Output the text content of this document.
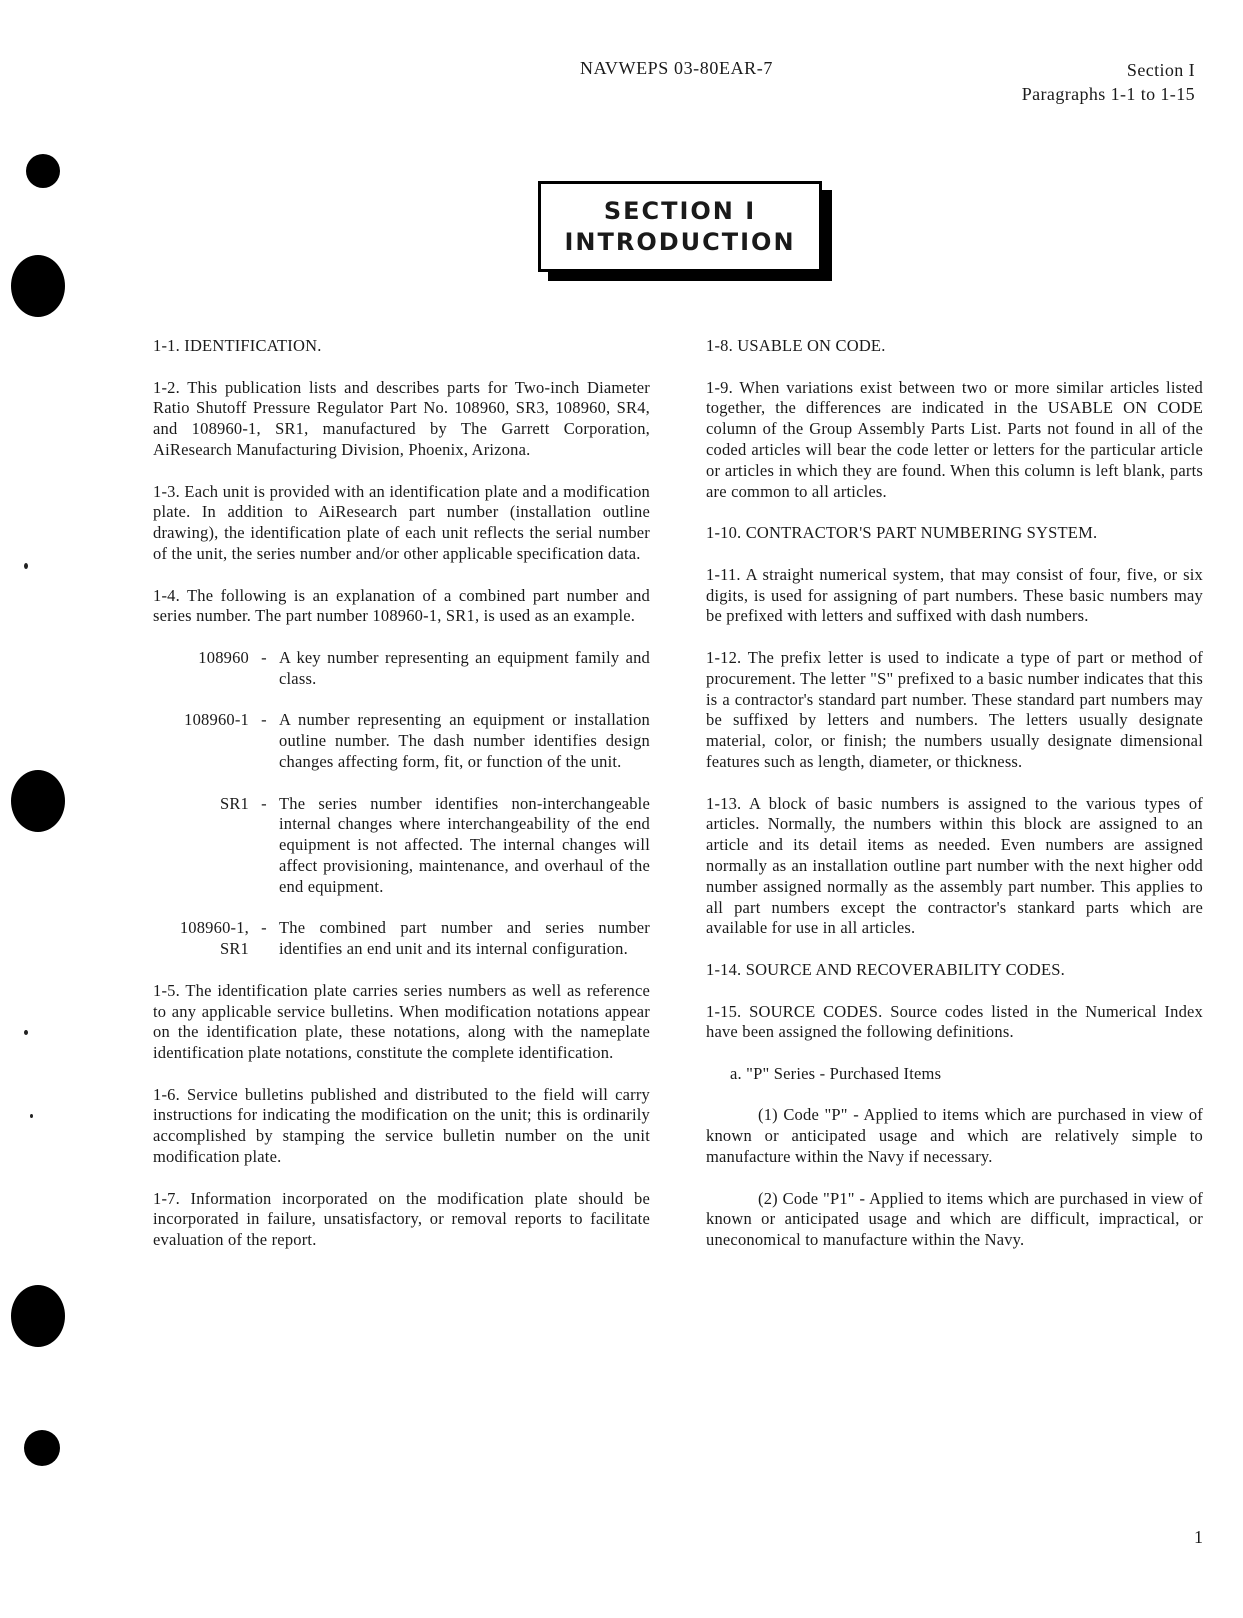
NAVWEPS 03-80EAR-7	Section I
Paragraphs 1-1 to 1-15
SECTION I
INTRODUCTION
1-1. IDENTIFICATION.
1-2. This publication lists and describes parts for Two-inch Diameter Ratio Shutoff Pressure Regulator Part No. 108960, SR3, 108960, SR4, and 108960-1, SR1, manufactured by The Garrett Corporation, AiResearch Manufacturing Division, Phoenix, Arizona.
1-3. Each unit is provided with an identification plate and a modification plate. In addition to AiResearch part number (installation outline drawing), the identification plate of each unit reflects the serial number of the unit, the series number and/or other applicable specification data.
1-4. The following is an explanation of a combined part number and series number. The part number 108960-1, SR1, is used as an example.
108960 - A key number representing an equipment family and class.
108960-1 - A number representing an equipment or installation outline number. The dash number identifies design changes affecting form, fit, or function of the unit.
SR1 - The series number identifies non-interchangeable internal changes where interchangeability of the end equipment is not affected. The internal changes will affect provisioning, maintenance, and overhaul of the end equipment.
108960-1, SR1
- The combined part number and series number identifies an end unit and its internal configuration.
1-5. The identification plate carries series numbers as well as reference to any applicable service bulletins. When modification notations appear on the identification plate, these notations, along with the nameplate identification plate notations, constitute the complete identification.
1-6. Service bulletins published and distributed to the field will carry instructions for indicating the modification on the unit; this is ordinarily accomplished by stamping the service bulletin number on the unit modification plate.
1-7. Information incorporated on the modification plate should be incorporated in failure, unsatisfactory, or removal reports to facilitate evaluation of the report.
1-8. USABLE ON CODE.
1-9. When variations exist between two or more similar articles listed together, the differences are indicated in the USABLE ON CODE column of the Group Assembly Parts List. Parts not found in all of the coded articles will bear the code letter or letters for the particular article or articles in which they are found. When this column is left blank, parts are common to all articles.
1-10. CONTRACTOR'S PART NUMBERING SYSTEM.
1-11. A straight numerical system, that may consist of four, five, or six digits, is used for assigning of part numbers. These basic numbers may be prefixed with letters and suffixed with dash numbers.
1-12. The prefix letter is used to indicate a type of part or method of procurement. The letter "S" prefixed to a basic number indicates that this is a contractor's standard part number. These standard part numbers may be suffixed by letters and numbers. The letters usually designate material, color, or finish; the numbers usually designate dimensional features such as length, diameter, or thickness.
1-13. A block of basic numbers is assigned to the various types of articles. Normally, the numbers within this block are assigned to an article and its detail items as needed. Even numbers are assigned normally as an installation outline part number with the next higher odd number assigned normally as the assembly part number. This applies to all part numbers except the contractor's stankard parts which are available for use in all articles.
1-14. SOURCE AND RECOVERABILITY CODES.
1-15. SOURCE CODES. Source codes listed in the Numerical Index have been assigned the following definitions.
a. "P" Series - Purchased Items
(1) Code "P" - Applied to items which are purchased in view of known or anticipated usage and which are relatively simple to manufacture within the Navy if necessary.
(2) Code "P1" - Applied to items which are purchased in view of known or anticipated usage and which are difficult, impractical, or uneconomical to manufacture within the Navy.
1
